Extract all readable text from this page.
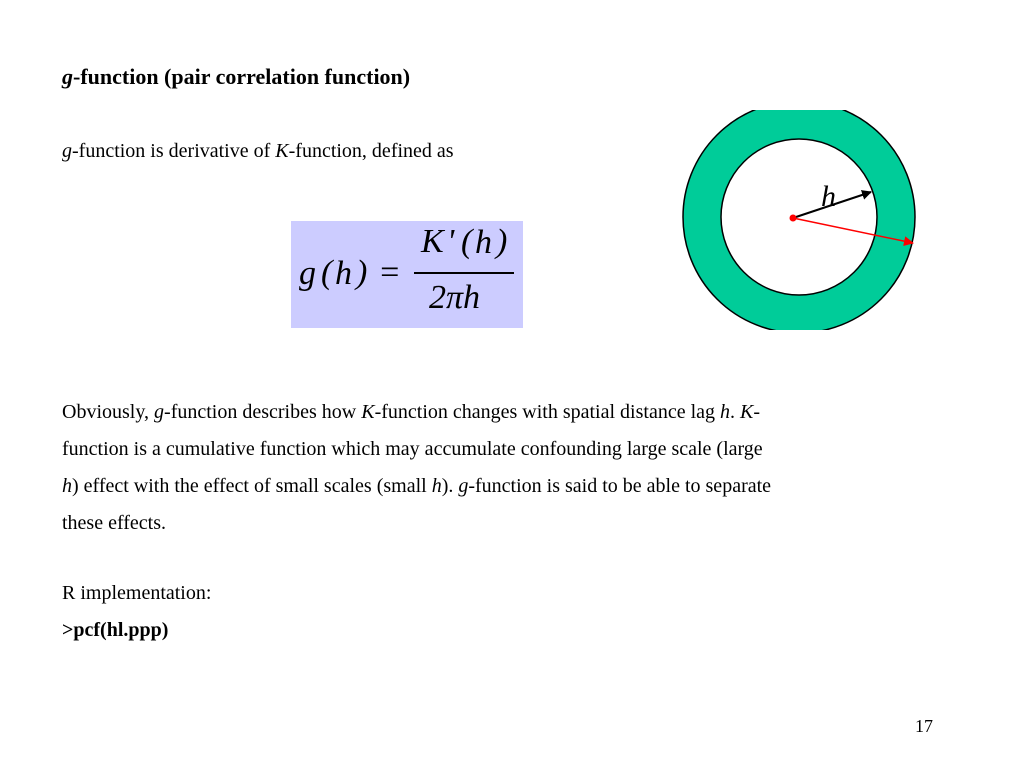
g-function (pair correlation function)
g-function is derivative of K-function, defined as
g ( h ) =
K ' ( h )
2πh
h
Obviously, g-function describes how K-function changes with spatial distance lag h. K-
function is a cumulative function which may accumulate confounding large scale (large
h) effect with the effect of small scales (small h). g-function is said to be able to separate
these effects.
R implementation:
>pcf(hl.ppp)
17
